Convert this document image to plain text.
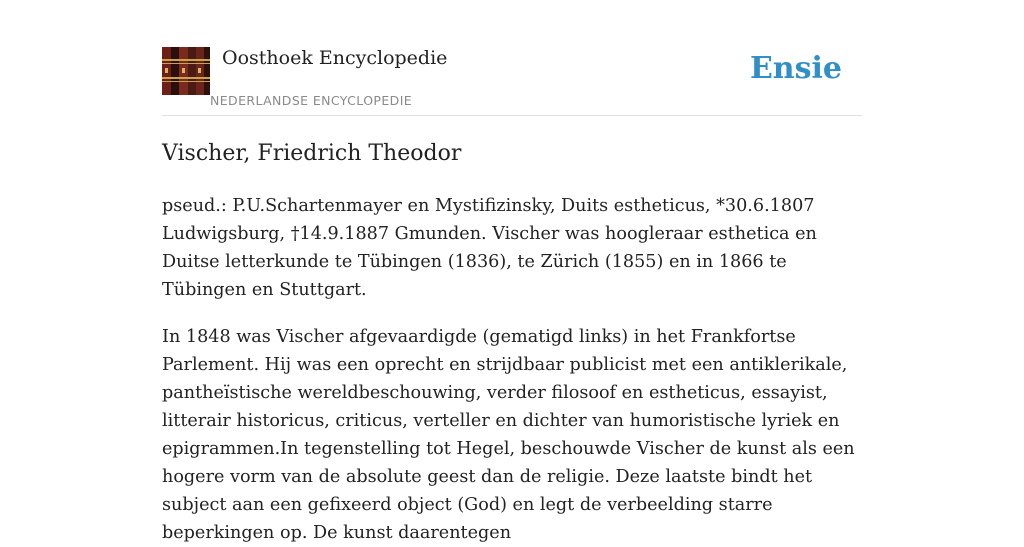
Oosthoek Encyclopedie
NEDERLANDSE ENCYCLOPEDIE
Ensie
Vischer, Friedrich Theodor

pseud.: P.U.Schartenmayer en Mystifizinsky, Duits estheticus, *30.6.1807 Ludwigsburg, †14.9.1887 Gmunden. Vischer was hoogleraar esthetica en Duitse letterkunde te Tübingen (1836), te Zürich (1855) en in 1866 te Tübingen en Stuttgart.

In 1848 was Vischer afgevaardigde (gematigd links) in het Frankfortse Parlement. Hij was een oprecht en strijdbaar publicist met een antiklerikale, pantheïstische wereldbeschouwing, verder filosoof en estheticus, essayist, litterair historicus, criticus, verteller en dichter van humoristische lyriek en epigrammen.In tegenstelling tot Hegel, beschouwde Vischer de kunst als een hogere vorm van de absolute geest dan de religie. Deze laatste bindt het subject aan een gefixeerd object (God) en legt de verbeelding starre beperkingen op. De kunst daarentegen
